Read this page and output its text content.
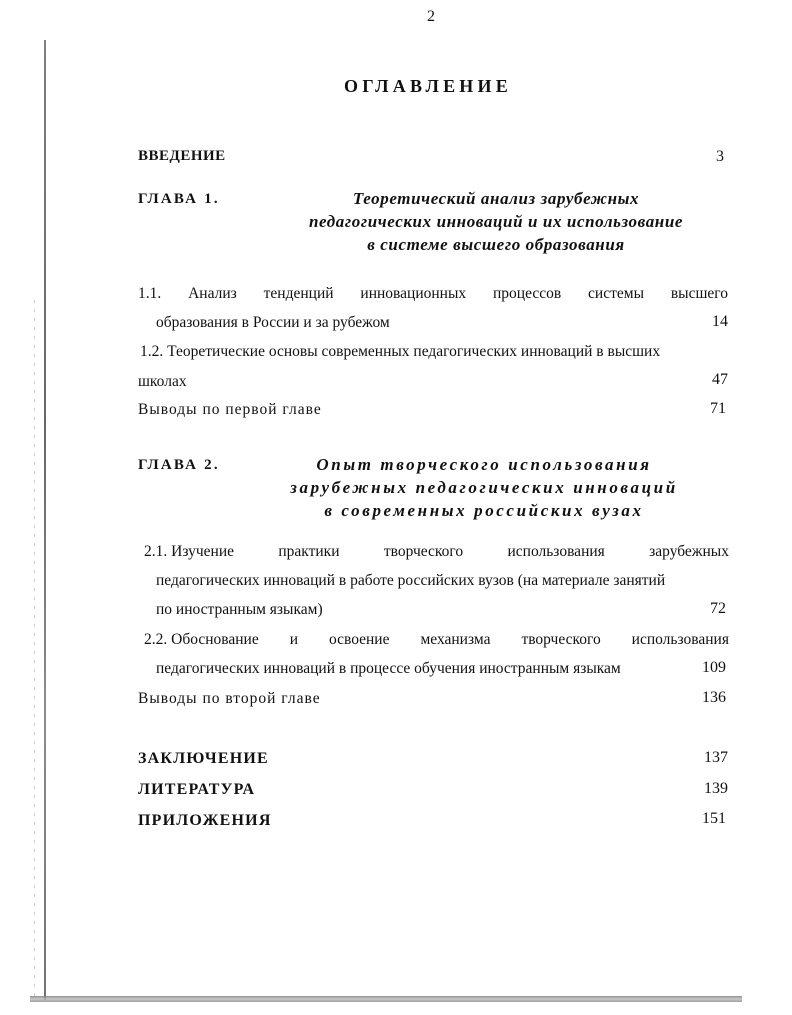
2
ОГЛАВЛЕНИЕ
ВВЕДЕНИЕ	3
ГЛАВА 1.	Теоретический анализ зарубежных
педагогических инноваций и их использование
в системе высшего образования
1.1. Анализ тенденций инновационных процессов системы высшего
образования в России и за рубежом	14
1.2. Теоретические основы современных педагогических инноваций в высших
школах	47
Выводы по первой главе	71
ГЛАВА 2.	Опыт творческого использования
зарубежных педагогических инноваций
в современных российских вузах
2.1. Изучение	практики	творческого	использования	зарубежных
педагогических инноваций в работе российских вузов (на материале занятий
по иностранным языкам)	72
2.2. Обоснование и освоение механизма творческого использования
педагогических инноваций в процессе обучения иностранным языкам	109
Выводы по второй главе	136
ЗАКЛЮЧЕНИЕ	137
ЛИТЕРАТУРА	139
ПРИЛОЖЕНИЯ	151
